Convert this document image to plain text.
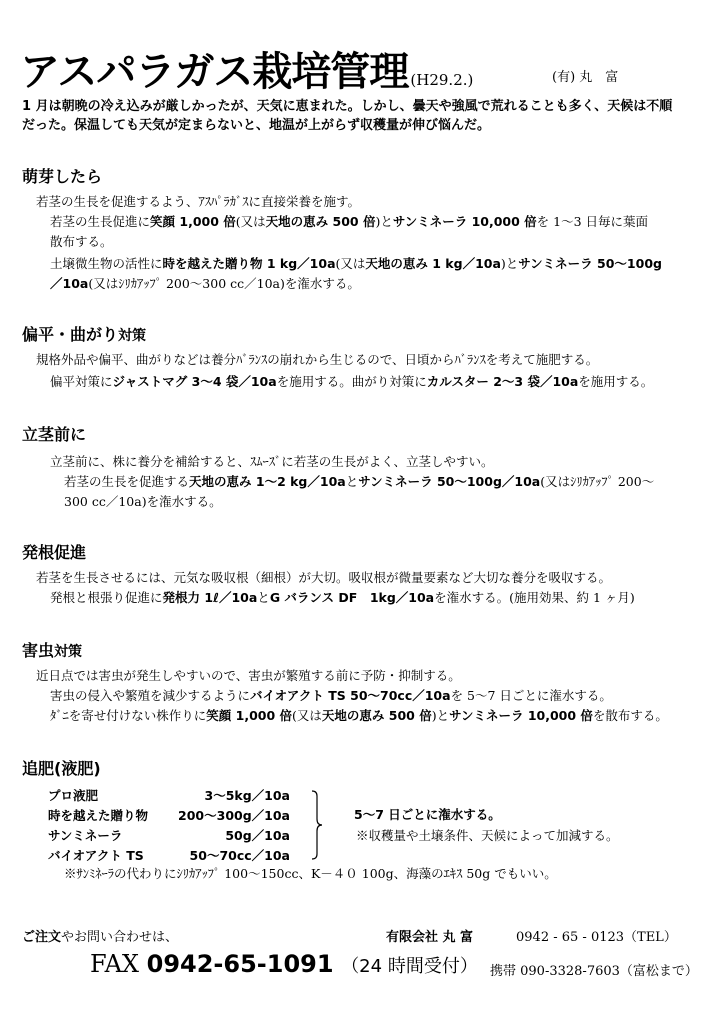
アスパラガス栽培管理 (H29.2.)	(有) 丸　富
1 月は朝晩の冷え込みが厳しかったが、天気に恵まれた。しかし、曇天や強風で荒れることも多く、天候は不順
だった。保温しても天気が定まらないと、地温が上がらず収穫量が伸び悩んだ。
萌芽したら
若茎の生長を促進するよう、ｱｽﾊﾟﾗｶﾞｽに直接栄養を施す。
若茎の生長促進に笑顔 1,000 倍(又は天地の恵み 500 倍)とサンミネーラ 10,000 倍を 1～3 日毎に葉面
散布する。
土壌微生物の活性に時を越えた贈り物 1 kg／10a(又は天地の恵み 1 kg／10a)とサンミネーラ 50～100g
／10a(又はｼﾘｶｱｯﾌﾟ 200～300 cc／10a)を潅水する。
偏平・曲がり対策
規格外品や偏平、曲がりなどは養分ﾊﾞﾗﾝｽの崩れから生じるので、日頃からﾊﾞﾗﾝｽを考えて施肥する。
偏平対策にジャストマグ 3～4 袋／10aを施用する。曲がり対策にカルスター 2～3 袋／10aを施用する。
立茎前に
立茎前に、株に養分を補給すると、ｽﾑｰｽﾞに若茎の生長がよく、立茎しやすい。
若茎の生長を促進する天地の恵み 1～2 kg／10aとサンミネーラ 50～100g／10a(又はｼﾘｶｱｯﾌﾟ 200～
300 cc／10a)を潅水する。
発根促進
若茎を生長させるには、元気な吸収根（細根）が大切。吸収根が微量要素など大切な養分を吸収する。
発根と根張り促進に発根力 1ℓ／10aとG バランス DF　1kg／10aを潅水する。(施用効果、約 1 ヶ月)
害虫対策
近日点では害虫が発生しやすいので、害虫が繁殖する前に予防・抑制する。
害虫の侵入や繁殖を減少するようにバイオアクト TS 50～70cc／10aを 5～7 日ごとに潅水する。
ﾀﾞﾆを寄せ付けない株作りに笑顔 1,000 倍(又は天地の恵み 500 倍)とサンミネーラ 10,000 倍を散布する。
追肥(液肥)
プロ液肥	3～5kg／10a
時を越えた贈り物 200～300g／10a
サンミネーラ	50g／10a
バイオアクト TS	50～70cc／10a
5～7 日ごとに潅水する。
※収穫量や土壌条件、天候によって加減する。
※ｻﾝﾐﾈｰﾗの代わりにｼﾘｶｱｯﾌﾟ 100～150cc、K－４０ 100g、海藻のｴｷｽ 50g でもいい。
ご注文やお問い合わせは、	有限会社 丸 富	0942 - 65 - 0123（TEL）
FAX 0942-65-1091 （24 時間受付） 携帯 090-3328-7603（富松まで）
